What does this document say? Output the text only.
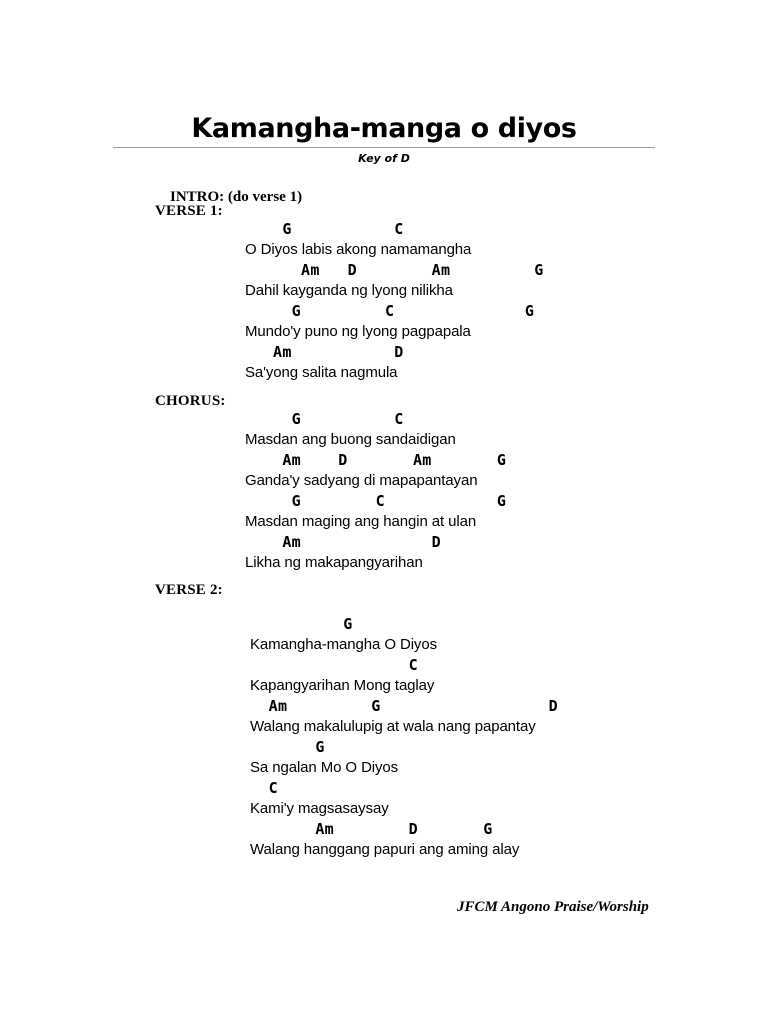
Kamangha-manga o diyos
Key of D

INTRO: (do verse 1)

VERSE 1:
G           C
O Diyos labis akong namamangha
Am   D        Am         G
Dahil kayganda ng lyong nilikha
G         C              G
Mundo'y puno ng lyong pagpapala
Am           D
Sa'yong salita nagmula
CHORUS:
G          C
Masdan ang buong sandaidigan
Am    D       Am       G
Ganda'y sadyang di mapapantayan
G        C            G
Masdan maging ang hangin at ulan
Am              D
Likha ng makapangyarihan
VERSE 2:
G
Kamangha-mangha O Diyos
C
Kapangyarihan Mong taglay
Am         G                  D
Walang makalulupig at wala nang papantay
G
Sa ngalan Mo O Diyos
C
Kami'y magsasaysay
Am        D       G
Walang hanggang papuri ang aming alay
JFCM Angono Praise/Worship
